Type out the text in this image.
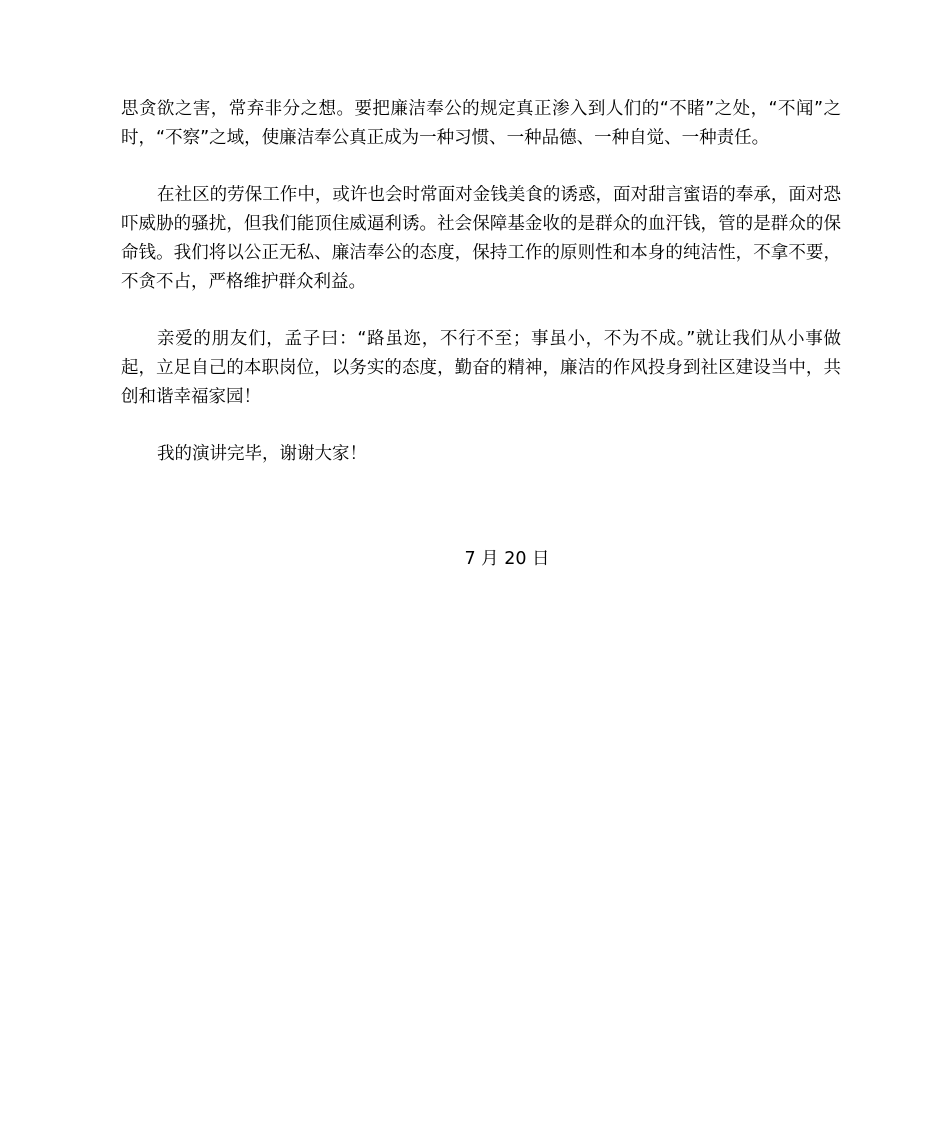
思贪欲之害，常弃非分之想。要把廉洁奉公的规定真正渗入到人们的“不睹”之处，“不闻”之时，“不察”之域，使廉洁奉公真正成为一种习惯、一种品德、一种自觉、一种责任。

在社区的劳保工作中，或许也会时常面对金钱美食的诱惑，面对甜言蜜语的奉承，面对恐吓威胁的骚扰，但我们能顶住威逼利诱。社会保障基金收的是群众的血汗钱，管的是群众的保命钱。我们将以公正无私、廉洁奉公的态度，保持工作的原则性和本身的纯洁性，不拿不要，不贪不占，严格维护群众利益。

亲爱的朋友们，孟子曰：“路虽迩，不行不至；事虽小，不为不成。”就让我们从小事做起，立足自己的本职岗位，以务实的态度，勤奋的精神，廉洁的作风投身到社区建设当中，共创和谐幸福家园！

我的演讲完毕，谢谢大家！

7 月 20 日
